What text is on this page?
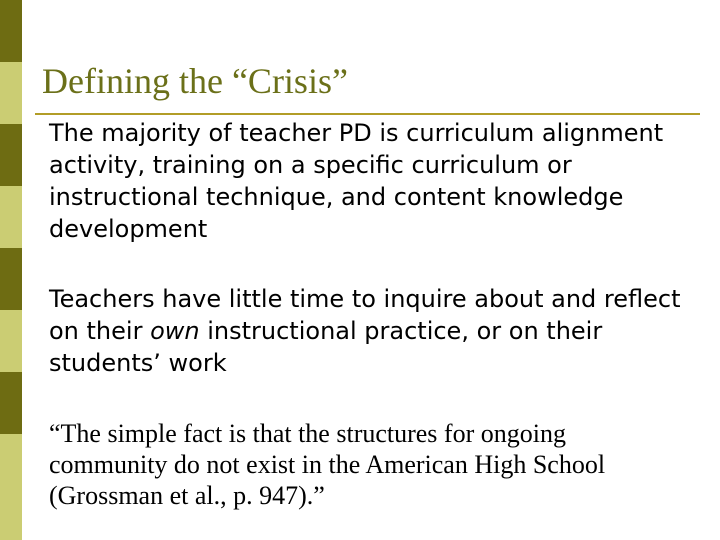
Defining the “Crisis”

The majority of teacher PD is curriculum alignment activity, training on a specific curriculum or instructional technique, and content knowledge development

Teachers have little time to inquire about and reflect on their own instructional practice, or on their students’ work

“The simple fact is that the structures for ongoing community do not exist in the American High School (Grossman et al., p. 947).”
